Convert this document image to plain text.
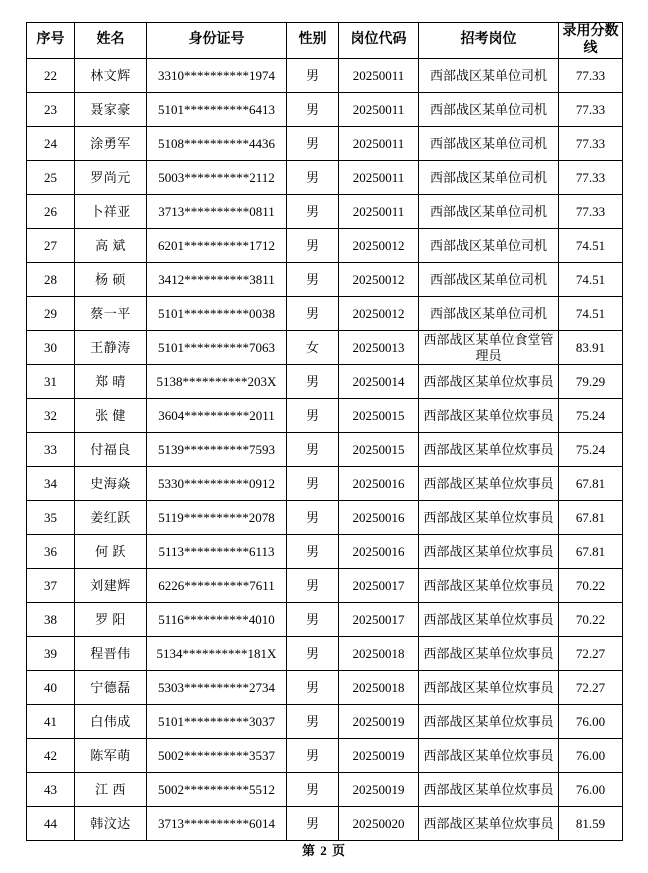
序号	姓名	身份证号	性别	岗位代码	招考岗位	录用分数线
22	林文辉	3310**********1974	男	20250011	西部战区某单位司机	77.33
23	聂家豪	5101**********6413	男	20250011	西部战区某单位司机	77.33
24	涂勇军	5108**********4436	男	20250011	西部战区某单位司机	77.33
25	罗尚元	5003**********2112	男	20250011	西部战区某单位司机	77.33
26	卜祥亚	3713**********0811	男	20250011	西部战区某单位司机	77.33
27	高 斌	6201**********1712	男	20250012	西部战区某单位司机	74.51
28	杨 硕	3412**********3811	男	20250012	西部战区某单位司机	74.51
29	蔡一平	5101**********0038	男	20250012	西部战区某单位司机	74.51
30	王静涛	5101**********7063	女	20250013	西部战区某单位食堂管理员	83.91
31	郑 晴	5138**********203X	男	20250014	西部战区某单位炊事员	79.29
32	张 健	3604**********2011	男	20250015	西部战区某单位炊事员	75.24
33	付福良	5139**********7593	男	20250015	西部战区某单位炊事员	75.24
34	史海焱	5330**********0912	男	20250016	西部战区某单位炊事员	67.81
35	姜红跃	5119**********2078	男	20250016	西部战区某单位炊事员	67.81
36	何 跃	5113**********6113	男	20250016	西部战区某单位炊事员	67.81
37	刘建辉	6226**********7611	男	20250017	西部战区某单位炊事员	70.22
38	罗 阳	5116**********4010	男	20250017	西部战区某单位炊事员	70.22
39	程晋伟	5134**********181X	男	20250018	西部战区某单位炊事员	72.27
40	宁德磊	5303**********2734	男	20250018	西部战区某单位炊事员	72.27
41	白伟成	5101**********3037	男	20250019	西部战区某单位炊事员	76.00
42	陈军萌	5002**********3537	男	20250019	西部战区某单位炊事员	76.00
43	江 西	5002**********5512	男	20250019	西部战区某单位炊事员	76.00
44	韩汶达	3713**********6014	男	20250020	西部战区某单位炊事员	81.59
第 2 页
